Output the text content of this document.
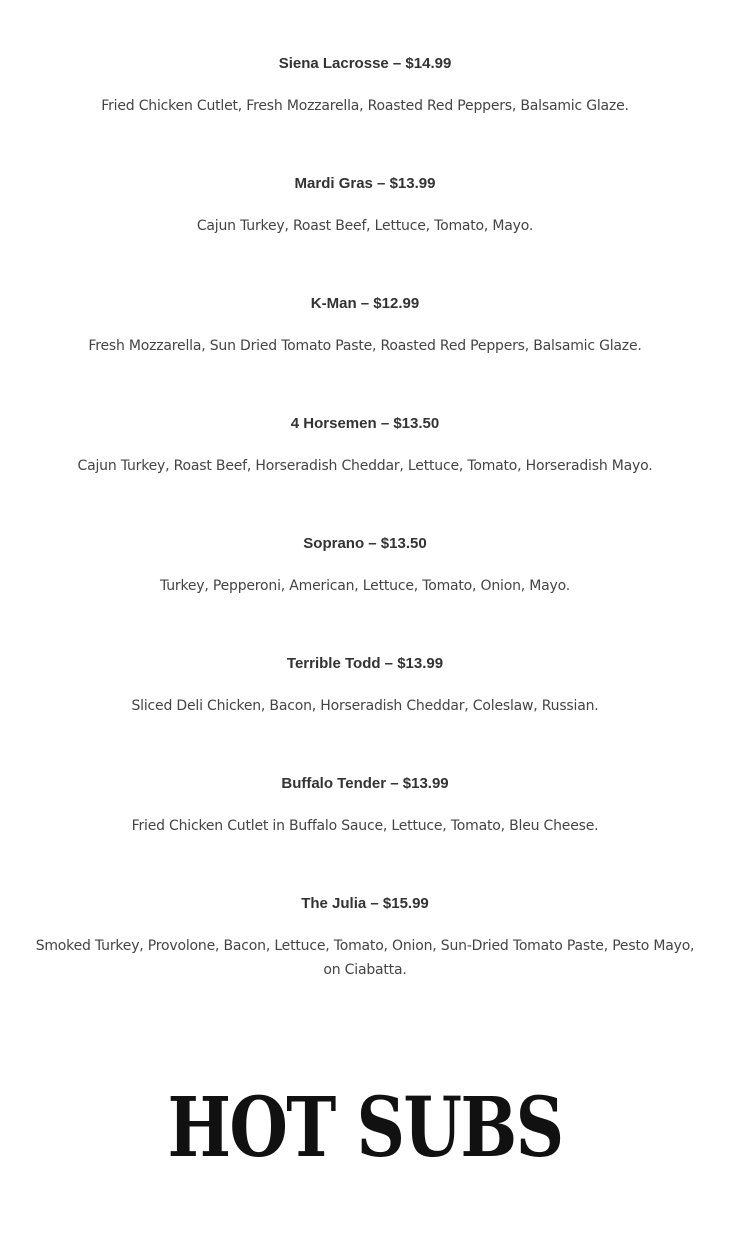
Siena Lacrosse – $14.99

Fried Chicken Cutlet, Fresh Mozzarella, Roasted Red Peppers, Balsamic Glaze.

Mardi Gras – $13.99

Cajun Turkey, Roast Beef, Lettuce, Tomato, Mayo.

K-Man – $12.99

Fresh Mozzarella, Sun Dried Tomato Paste, Roasted Red Peppers, Balsamic Glaze.

4 Horsemen – $13.50

Cajun Turkey, Roast Beef, Horseradish Cheddar, Lettuce, Tomato, Horseradish Mayo.

Soprano – $13.50

Turkey, Pepperoni, American, Lettuce, Tomato, Onion, Mayo.

Terrible Todd – $13.99

Sliced Deli Chicken, Bacon, Horseradish Cheddar, Coleslaw, Russian.

Buffalo Tender – $13.99

Fried Chicken Cutlet in Buffalo Sauce, Lettuce, Tomato, Bleu Cheese.

The Julia – $15.99

Smoked Turkey, Provolone, Bacon, Lettuce, Tomato, Onion, Sun-Dried Tomato Paste, Pesto Mayo, on Ciabatta.

HOT SUBS
